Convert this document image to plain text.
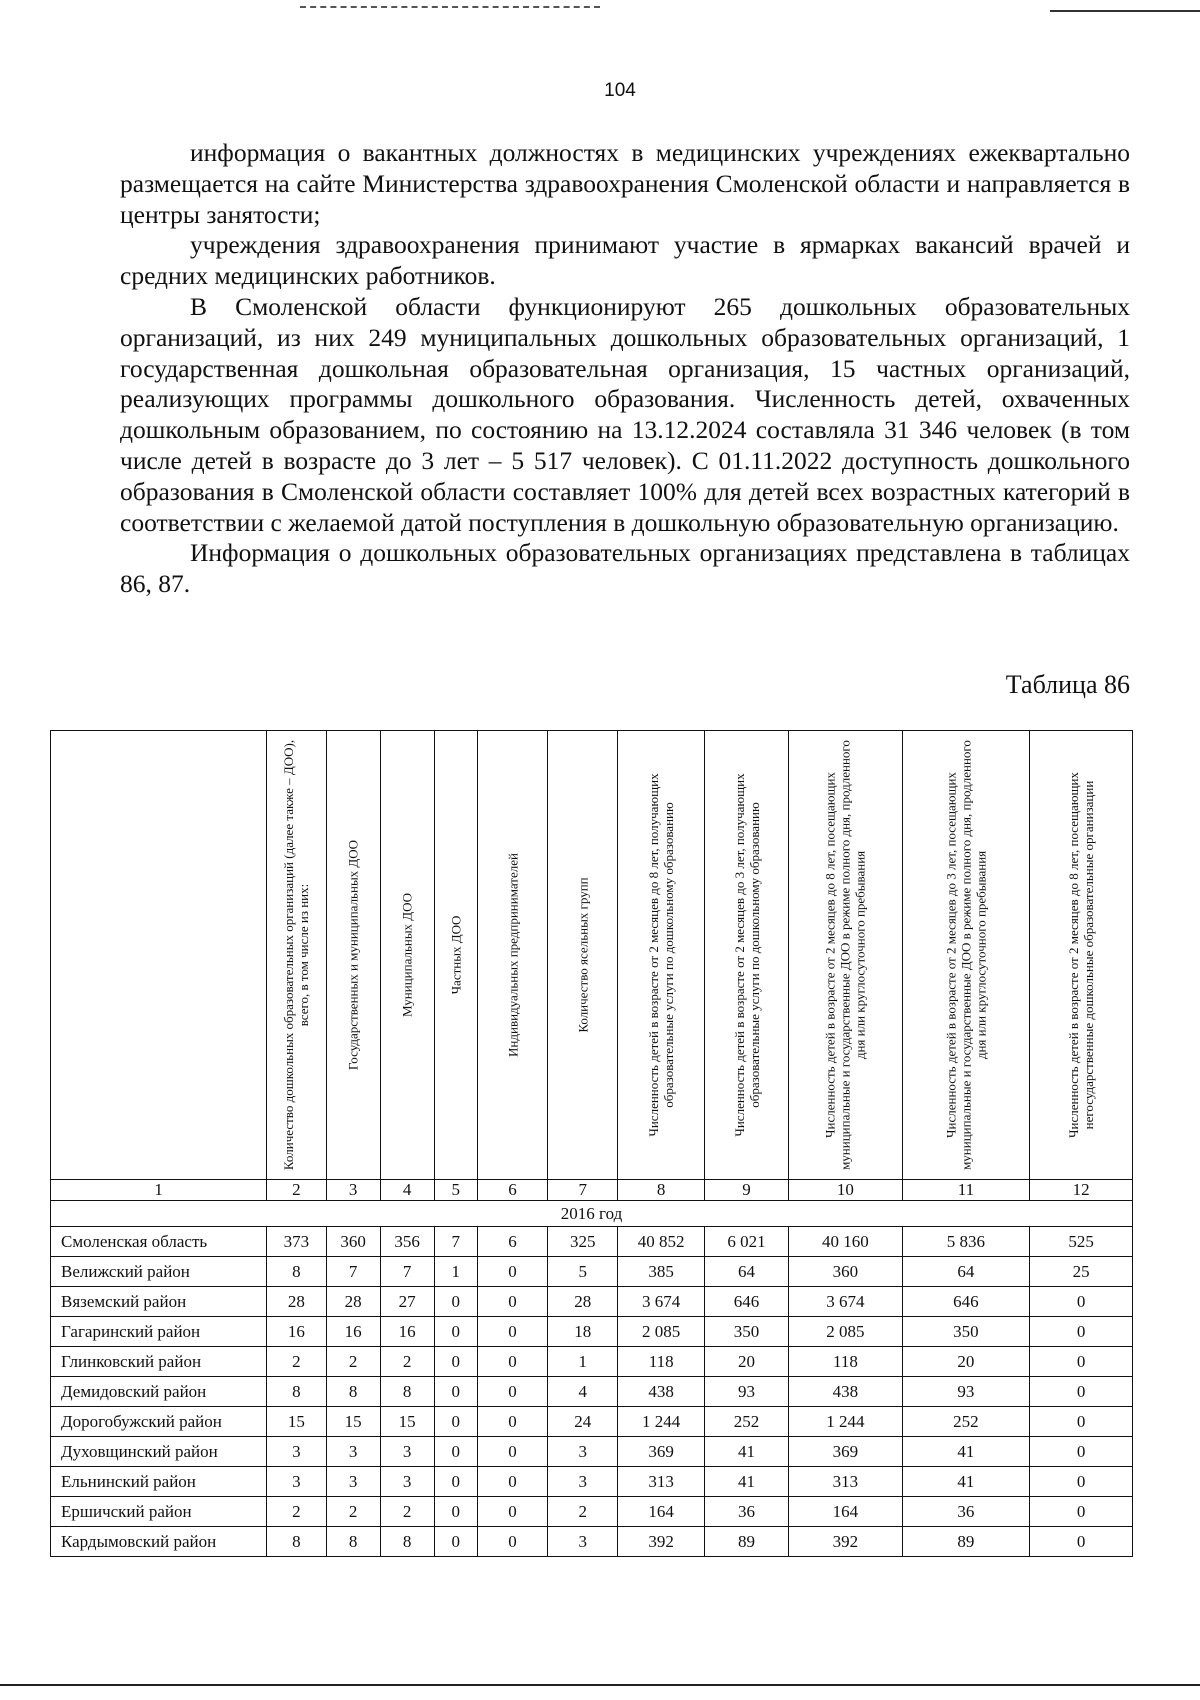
104

информация о вакантных должностях в медицинских учреждениях ежеквартально размещается на сайте Министерства здравоохранения Смоленской области и направляется в центры занятости;

учреждения здравоохранения принимают участие в ярмарках вакансий врачей и средних медицинских работников.

В Смоленской области функционируют 265 дошкольных образовательных организаций, из них 249 муниципальных дошкольных образовательных организаций, 1 государственная дошкольная образовательная организация, 15 частных организаций, реализующих программы дошкольного образования. Численность детей, охваченных дошкольным образованием, по состоянию на 13.12.2024 составляла 31 346 человек (в том числе детей в возрасте до 3 лет – 5 517 человек). С 01.11.2022 доступность дошкольного образования в Смоленской области составляет 100% для детей всех возрастных категорий в соответствии с желаемой датой поступления в дошкольную образовательную организацию.

Информация о дошкольных образовательных организациях представлена в таблицах 86, 87.

Таблица 86

	Количество дошкольных образовательных организаций (далее также – ДОО), всего, в том числе из них:	Государственных и муниципальных ДОО	Муниципальных ДОО	Частных ДОО	Индивидуальных предпринимателей	Количество ясельных групп	Численность детей в возрасте от 2 месяцев до 8 лет, получающих образовательные услуги по дошкольному образованию	Численность детей в возрасте от 2 месяцев до 3 лет, получающих образовательные услуги по дошкольному образованию	Численность детей в возрасте от 2 месяцев до 8 лет, посещающих муниципальные и государственные ДОО в режиме полного дня, продленного дня или круглосуточного пребывания	Численность детей в возрасте от 2 месяцев до 3 лет, посещающих муниципальные и государственные ДОО в режиме полного дня, продленного дня или круглосуточного пребывания	Численность детей в возрасте от 2 месяцев до 8 лет, посещающих негосударственные дошкольные образовательные организации

1	2	3	4	5	6	7	8	9	10	11	12
2016 год											
Смоленская область	373	360	356	7	6	325	40 852	6 021	40 160	5 836	525
Велижский район	8	7	7	1	0	5	385	64	360	64	25
Вяземский район	28	28	27	0	0	28	3 674	646	3 674	646	0
Гагаринский район	16	16	16	0	0	18	2 085	350	2 085	350	0
Глинковский район	2	2	2	0	0	1	118	20	118	20	0
Демидовский район	8	8	8	0	0	4	438	93	438	93	0
Дорогобужский район	15	15	15	0	0	24	1 244	252	1 244	252	0
Духовщинский район	3	3	3	0	0	3	369	41	369	41	0
Ельнинский район	3	3	3	0	0	3	313	41	313	41	0
Ершичский район	2	2	2	0	0	2	164	36	164	36	0
Кардымовский район	8	8	8	0	0	3	392	89	392	89	0
